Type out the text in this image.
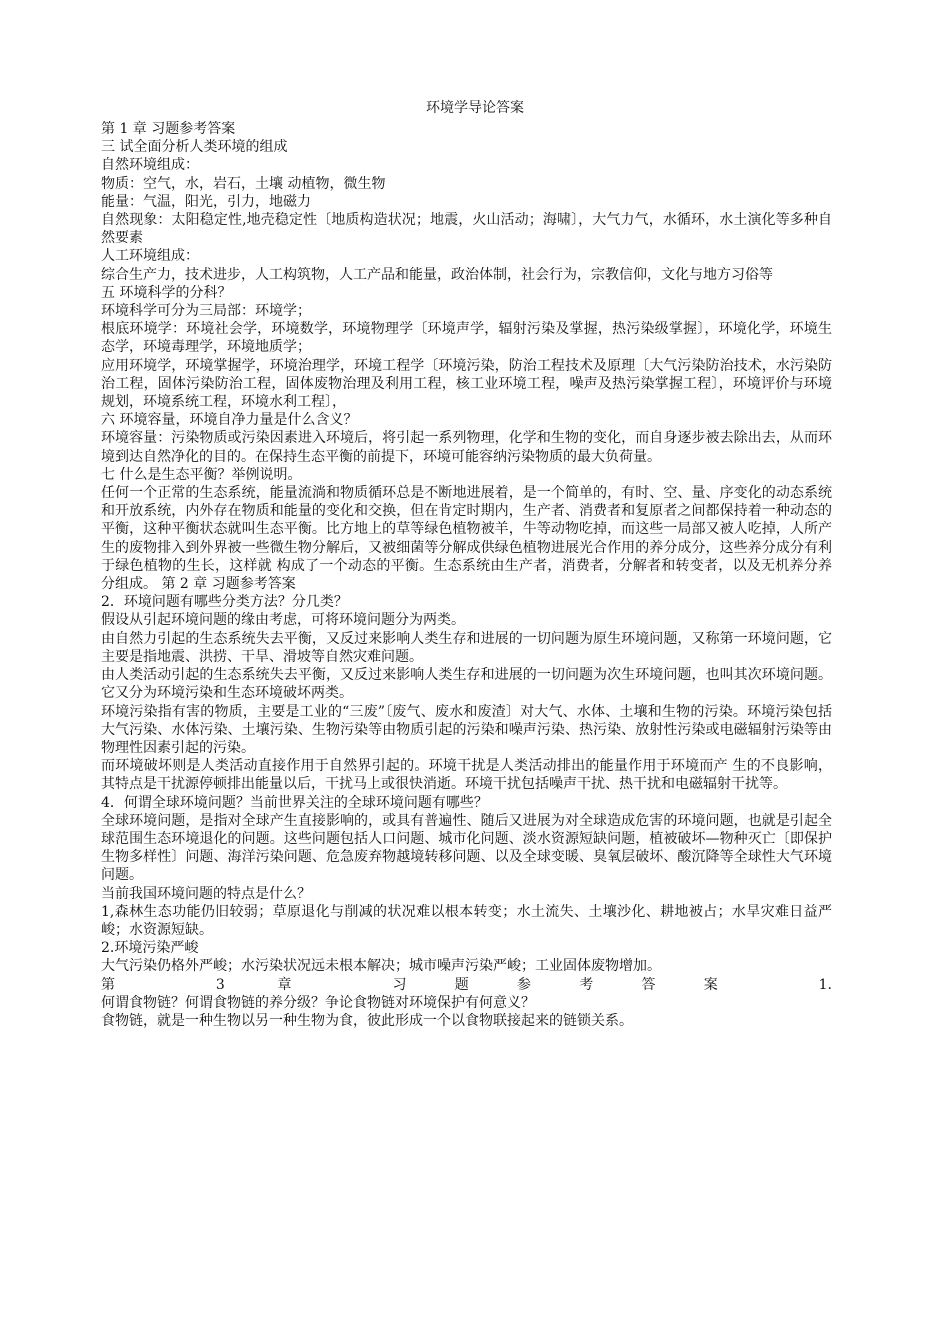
环境学导论答案

第 1 章 习题参考答案

三 试全面分析人类环境的组成

自然环境组成：

物质：空气，水，岩石，土壤 动植物，微生物

能量：气温，阳光，引力，地磁力

自然现象：太阳稳定性,地壳稳定性〔地质构造状况；地震，火山活动；海啸〕，大气力气，水循环，水土演化等多种自然要素

人工环境组成：

综合生产力，技术进步，人工构筑物，人工产品和能量，政治体制，社会行为，宗教信仰，文化与地方习俗等

五 环境科学的分科？

环境科学可分为三局部：环境学；

根底环境学：环境社会学，环境数学，环境物理学〔环境声学，辐射污染及掌握，热污染级掌握〕，环境化学，环境生态学，环境毒理学，环境地质学；

应用环境学，环境掌握学，环境治理学，环境工程学〔环境污染，防治工程技术及原理〔大气污染防治技术，水污染防治工程，固体污染防治工程，固体废物治理及利用工程，核工业环境工程，噪声及热污染掌握工程〕，环境评价与环境规划，环境系统工程，环境水利工程〕，

六 环境容量，环境自净力量是什么含义？

环境容量：污染物质或污染因素进入环境后，将引起一系列物理，化学和生物的变化，而自身逐步被去除出去，从而环境到达自然净化的目的。在保持生态平衡的前提下，环境可能容纳污染物质的最大负荷量。

七 什么是生态平衡？举例说明。

任何一个正常的生态系统，能量流淌和物质循环总是不断地进展着，是一个简单的，有时、空、量、序变化的动态系统和开放系统，内外存在物质和能量的变化和交换，但在肯定时期内，生产者、消费者和复原者之间都保持着一种动态的平衡，这种平衡状态就叫生态平衡。比方地上的草等绿色植物被羊，牛等动物吃掉，而这些一局部又被人吃掉，人所产生的废物排入到外界被一些微生物分解后，又被细菌等分解成供绿色植物进展光合作用的养分成分，这些养分成分有利于绿色植物的生长，这样就 构成了一个动态的平衡。生态系统由生产者，消费者，分解者和转变者，以及无机养分养分组成。 第 2 章 习题参考答案

2．环境问题有哪些分类方法？分几类？

假设从引起环境问题的缘由考虑，可将环境问题分为两类。

由自然力引起的生态系统失去平衡，又反过来影响人类生存和进展的一切问题为原生环境问题，又称第一环境问题，它主要是指地震、洪捞、干旱、滑坡等自然灾难问题。

由人类活动引起的生态系统失去平衡，又反过来影响人类生存和进展的一切问题为次生环境问题，也叫其次环境问题。它又分为环境污染和生态环境破坏两类。

环境污染指有害的物质，主要是工业的“三废”〔废气、废水和废渣〕对大气、水体、土壤和生物的污染。环境污染包括大气污染、水体污染、土壤污染、生物污染等由物质引起的污染和噪声污染、热污染、放射性污染或电磁辐射污染等由物理性因素引起的污染。

而环境破坏则是人类活动直接作用于自然界引起的。环境干扰是人类活动排出的能量作用于环境而产 生的不良影响，其特点是干扰源停顿排出能量以后，干扰马上或很快消逝。环境干扰包括噪声干扰、热干扰和电磁辐射干扰等。

4．何谓全球环境问题？当前世界关注的全球环境问题有哪些？

全球环境问题，是指对全球产生直接影响的，或具有普遍性、随后又进展为对全球造成危害的环境问题，也就是引起全球范围生态环境退化的问题。这些问题包括人口问题、城市化问题、淡水资源短缺问题，植被破坏—物种灭亡〔即保护生物多样性〕问题、海洋污染问题、危急废弃物越境转移问题、以及全球变暖、臭氧层破坏、酸沉降等全球性大气环境问题。

当前我国环境问题的特点是什么？

1,森林生态功能仍旧较弱；草原退化与削减的状况难以根本转变；水土流失、土壤沙化、耕地被占；水旱灾难日益严峻；水资源短缺。

2.环境污染严峻

大气污染仍格外严峻；水污染状况远未根本解决；城市噪声污染严峻；工业固体废物增加。

第 3 章 习题参考答案 1.

何谓食物链？何谓食物链的养分级？争论食物链对环境保护有何意义？

食物链，就是一种生物以另一种生物为食，彼此形成一个以食物联接起来的链锁关系。
